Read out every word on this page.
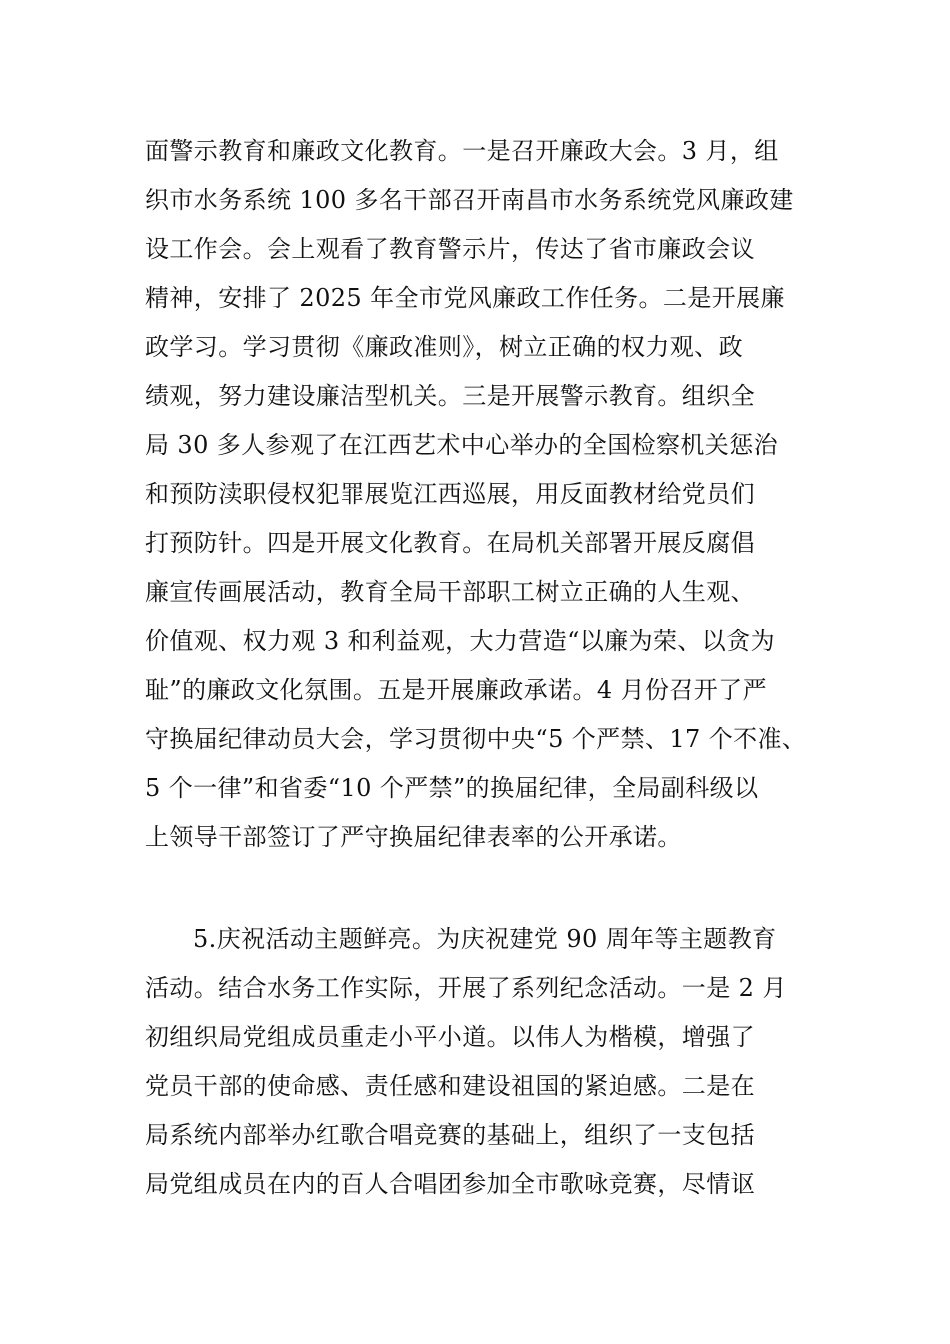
面警示教育和廉政文化教育。一是召开廉政大会。3 月，组
织市水务系统 100 多名干部召开南昌市水务系统党风廉政建
设工作会。会上观看了教育警示片，传达了省市廉政会议
精神，安排了 2025 年全市党风廉政工作任务。二是开展廉
政学习。学习贯彻《廉政准则》，树立正确的权力观、政
绩观，努力建设廉洁型机关。三是开展警示教育。组织全
局 30 多人参观了在江西艺术中心举办的全国检察机关惩治
和预防渎职侵权犯罪展览江西巡展，用反面教材给党员们
打预防针。四是开展文化教育。在局机关部署开展反腐倡
廉宣传画展活动，教育全局干部职工树立正确的人生观、
价值观、权力观 3 和利益观，大力营造“以廉为荣、以贪为
耻”的廉政文化氛围。五是开展廉政承诺。4 月份召开了严
守换届纪律动员大会，学习贯彻中央“5 个严禁、17 个不准、
5 个一律”和省委“10 个严禁”的换届纪律，全局副科级以
上领导干部签订了严守换届纪律表率的公开承诺。
5.庆祝活动主题鲜亮。为庆祝建党 90 周年等主题教育
活动。结合水务工作实际，开展了系列纪念活动。一是 2 月
初组织局党组成员重走小平小道。以伟人为楷模，增强了
党员干部的使命感、责任感和建设祖国的紧迫感。二是在
局系统内部举办红歌合唱竞赛的基础上，组织了一支包括
局党组成员在内的百人合唱团参加全市歌咏竞赛，尽情讴
